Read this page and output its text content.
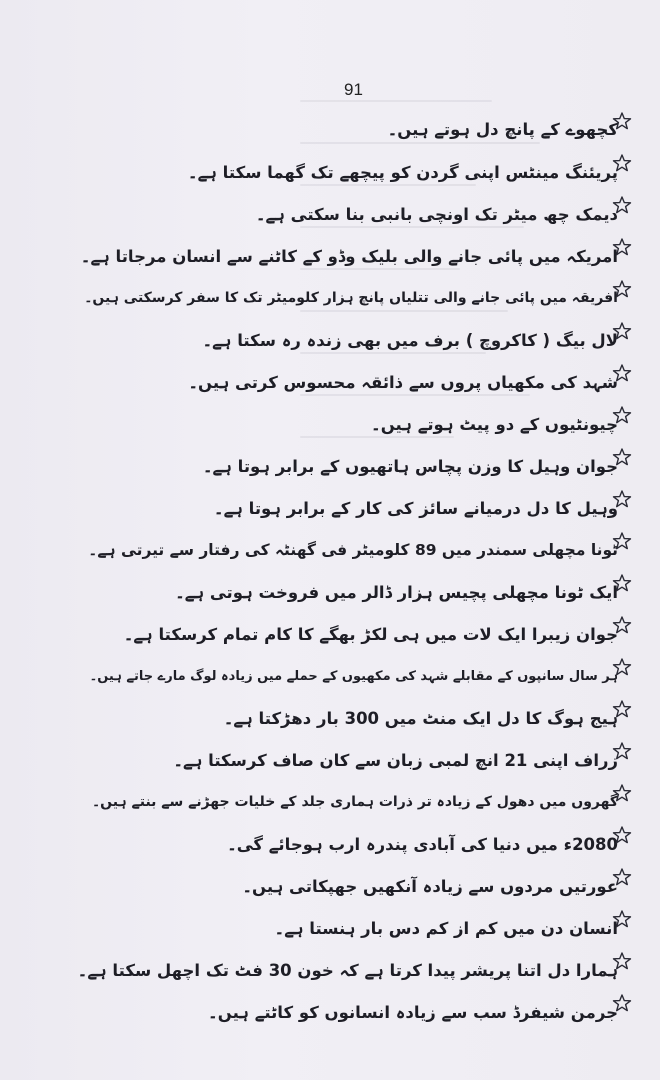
91
کچھوے کے پانچ دل ہوتے ہیں۔
پریئنگ مینٹس اپنی گردن کو پیچھے تک گھما سکتا ہے۔
دیمک چھ میٹر تک اونچی بانبی بنا سکتی ہے۔
امریکہ میں پائی جانے والی بلیک وڈو کے کاٹنے سے انسان مرجاتا ہے۔
افریقہ میں پائی جانے والی تتلیاں پانچ ہزار کلومیٹر تک کا سفر کرسکتی ہیں۔
لال بیگ ( کاکروچ ) برف میں بھی زندہ رہ سکتا ہے۔
شہد کی مکھیاں پروں سے ذائقہ محسوس کرتی ہیں۔
چیونٹیوں کے دو پیٹ ہوتے ہیں۔
جوان وہیل کا وزن پچاس ہاتھیوں کے برابر ہوتا ہے۔
وہیل کا دل درمیانے سائز کی کار کے برابر ہوتا ہے۔
ٹونا مچھلی سمندر میں 89 کلومیٹر فی گھنٹہ کی رفتار سے تیرتی ہے۔
ایک ٹونا مچھلی پچیس ہزار ڈالر میں فروخت ہوتی ہے۔
جوان زیبرا ایک لات میں ہی لکڑ بھگے کا کام تمام کرسکتا ہے۔
ہر سال سانپوں کے مقابلے شہد کی مکھیوں کے حملے میں زیادہ لوگ مارے جاتے ہیں۔
ہیج ہوگ کا دل ایک منٹ میں 300 بار دھڑکتا ہے۔
زراف اپنی 21 انچ لمبی زبان سے کان صاف کرسکتا ہے۔
گھروں میں دھول کے زیادہ تر ذرات ہماری جلد کے خلیات جھڑنے سے بنتے ہیں۔
2080ء میں دنیا کی آبادی پندرہ ارب ہوجائے گی۔
عورتیں مردوں سے زیادہ آنکھیں جھپکاتی ہیں۔
انسان دن میں کم از کم دس بار ہنستا ہے۔
ہمارا دل اتنا پریشر پیدا کرتا ہے کہ خون 30 فٹ تک اچھل سکتا ہے۔
جرمن شیفرڈ سب سے زیادہ انسانوں کو کاٹتے ہیں۔
